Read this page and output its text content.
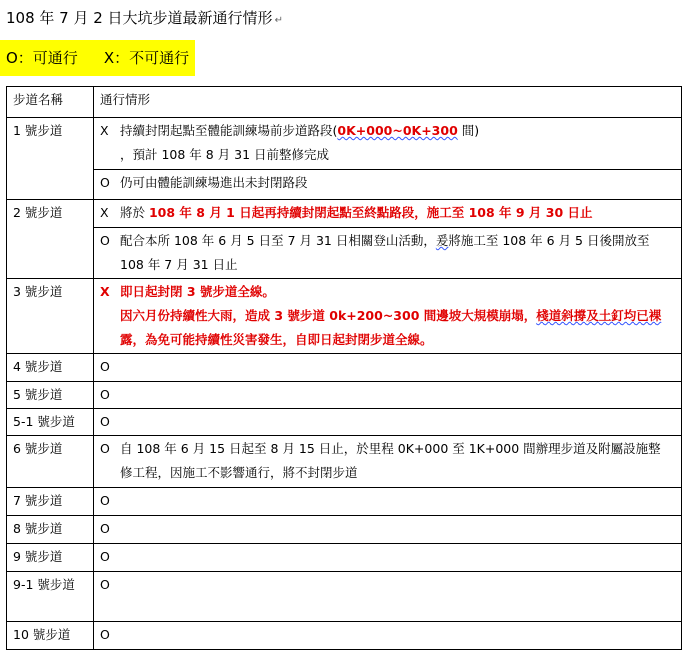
108 年 7 月 2 日大坑步道最新通行情形 ↵
O：可通行 X：不可通行
步道名稱	通行情形
1 號步道	X 持續封閉起點至體能訓練場前步道路段(0K+000~0K+300 間)
，預計 108 年 8 月 31 日前整修完成

	O 仍可由體能訓練場進出未封閉路段
2 號步道	X 將於 108 年 8 月 1 日起再持續封閉起點至終點路段，施工至 108 年 9 月 30 日止
	O 配合本所 108 年 6 月 5 日至 7 月 31 日相關登山活動，爰將施工至 108 年 6 月 5 日後開放至
108 年 7 月 31 日止

3 號步道	X 即日起封閉 3 號步道全線。
因六月份持續性大雨，造成 3 號步道 0k+200~300 間邊坡大規模崩塌，棧道斜撐及土釘均已裸
露，為免可能持續性災害發生，自即日起封閉步道全線。

4 號步道	O
5 號步道	O
5-1 號步道	O
6 號步道	O 自 108 年 6 月 15 日起至 8 月 15 日止，於里程 0K+000 至 1K+000 間辦理步道及附屬設施整
修工程，因施工不影響通行，將不封閉步道

7 號步道	O
8 號步道	O
9 號步道	O
9-1 號步道	O
10 號步道	O
